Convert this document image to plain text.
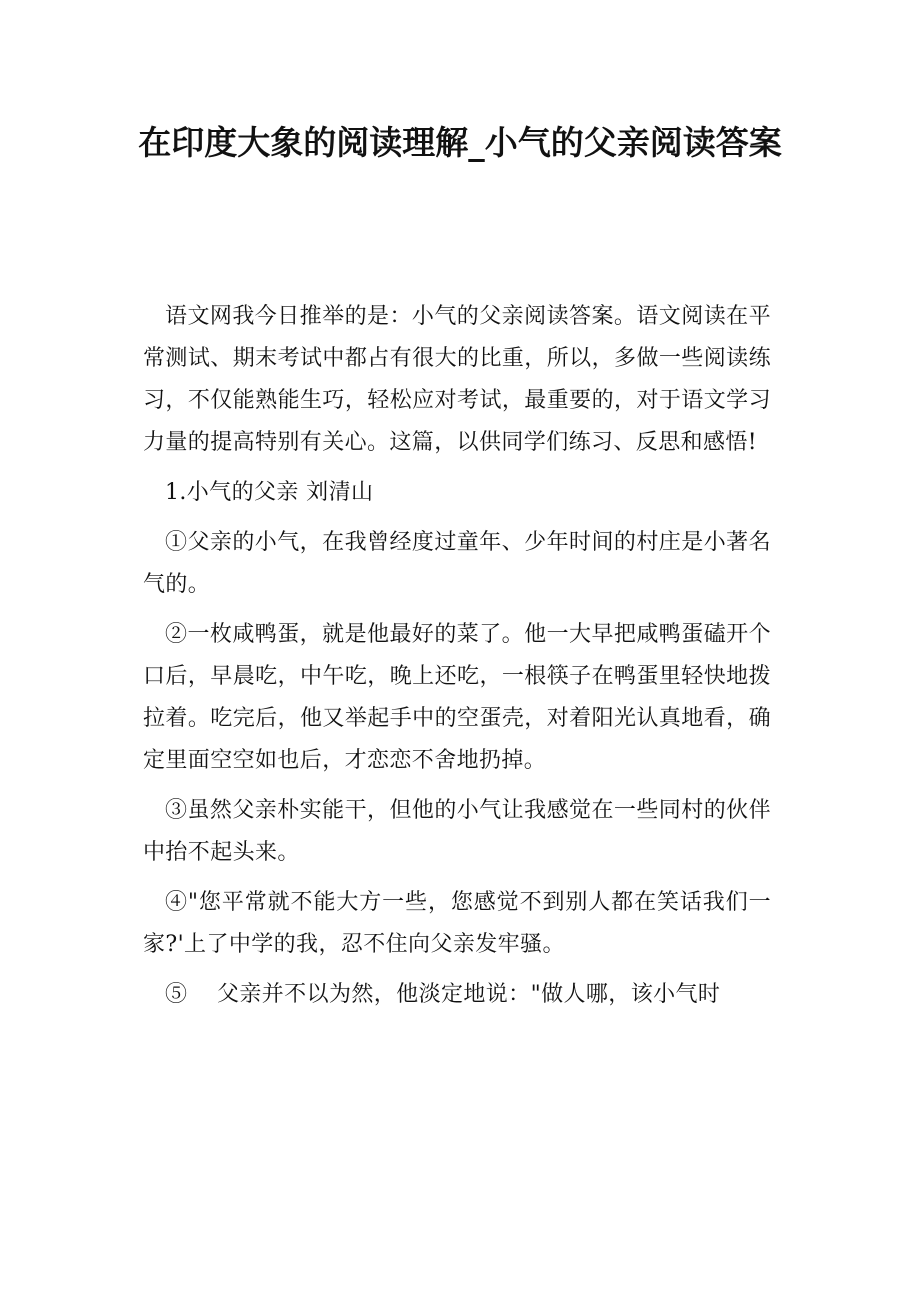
在印度大象的阅读理解_小气的父亲阅读答案

语文网我今日推举的是：小气的父亲阅读答案。语文阅读在平常测试、期末考试中都占有很大的比重，所以，多做一些阅读练习，不仅能熟能生巧，轻松应对考试，最重要的，对于语文学习力量的提高特别有关心。这篇，以供同学们练习、反思和感悟!

1.小气的父亲 刘清山

①父亲的小气，在我曾经度过童年、少年时间的村庄是小著名气的。

②一枚咸鸭蛋，就是他最好的菜了。他一大早把咸鸭蛋磕开个口后，早晨吃，中午吃，晚上还吃，一根筷子在鸭蛋里轻快地拨拉着。吃完后，他又举起手中的空蛋壳，对着阳光认真地看，确定里面空空如也后，才恋恋不舍地扔掉。

③虽然父亲朴实能干，但他的小气让我感觉在一些同村的伙伴中抬不起头来。

④"您平常就不能大方一些，您感觉不到别人都在笑话我们一家?'上了中学的我，忍不住向父亲发牢骚。

⑤    父亲并不以为然，他淡定地说："做人哪，该小气时
